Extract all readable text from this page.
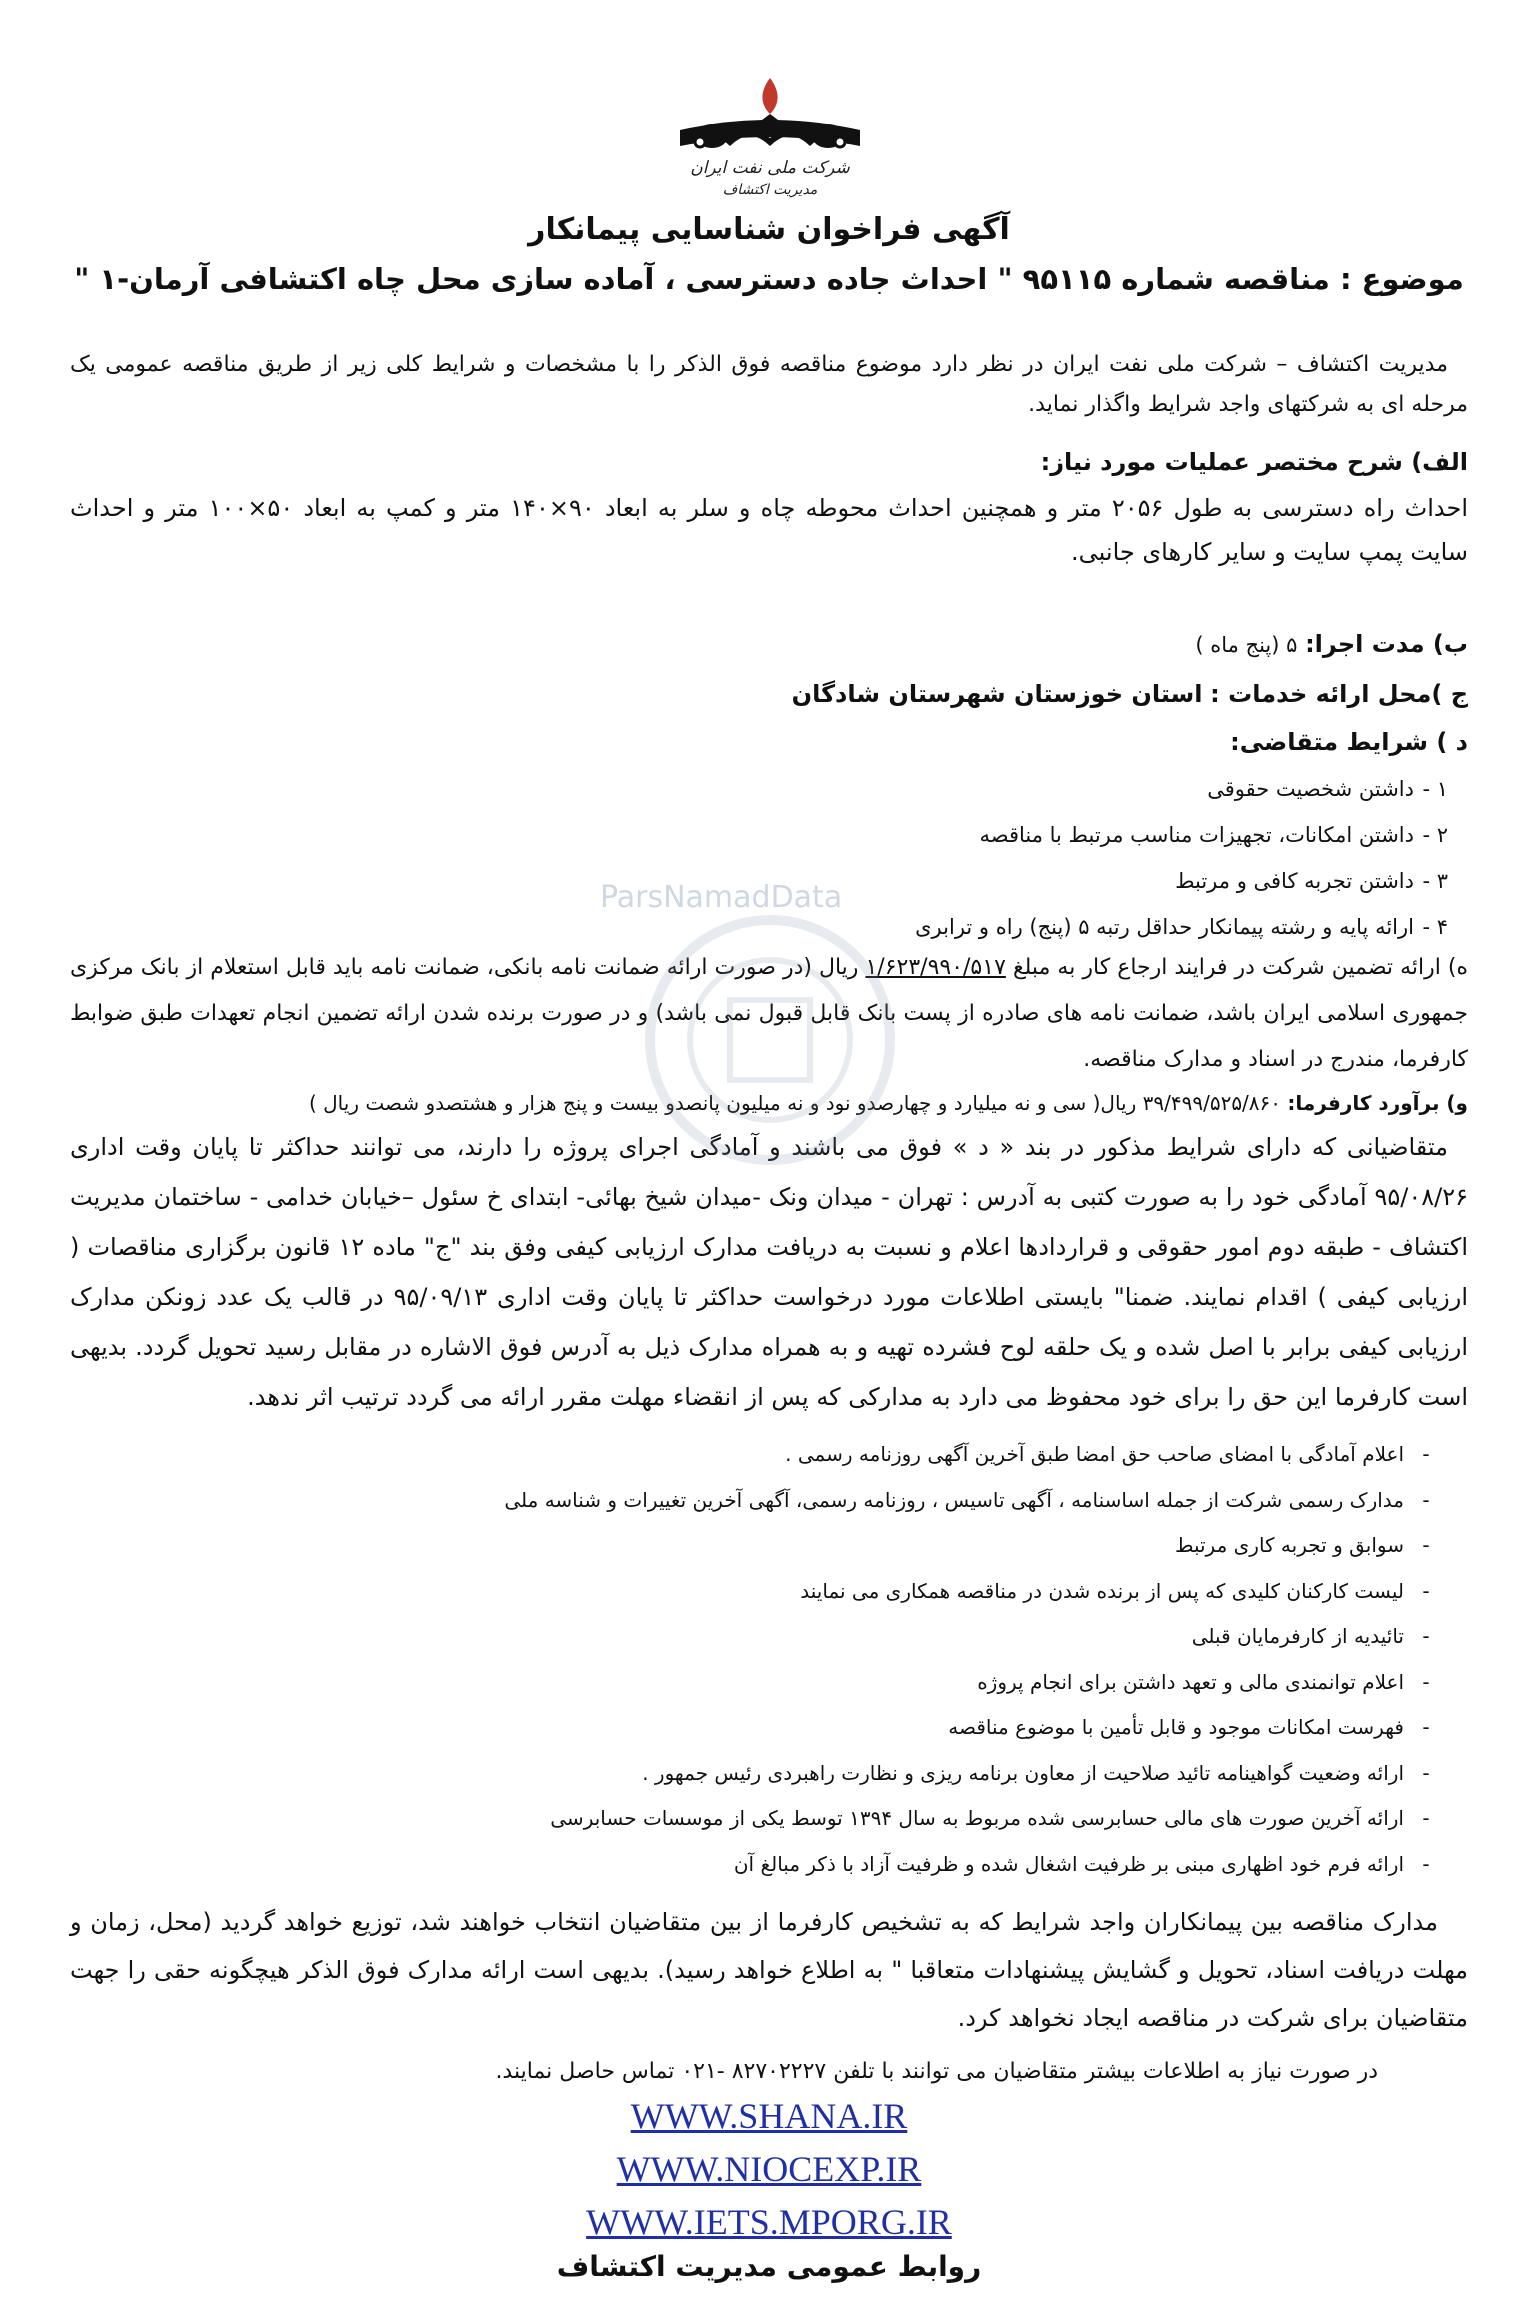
شرکت ملی نفت ایران
مدیریت اکتشاف
آگهی فراخوان شناسایی پیمانکار
موضوع : مناقصه شماره ۹۵۱۱۵ " احداث جاده دسترسی ، آماده سازی محل چاه اکتشافی آرمان-۱ "
مدیریت اکتشاف – شرکت ملی نفت ایران در نظر دارد موضوع مناقصه فوق الذکر را با مشخصات و شرایط کلی زیر از طریق مناقصه عمومی یک مرحله ای به شرکتهای واجد شرایط واگذار نماید.
الف) شرح مختصر عملیات مورد نیاز:
احداث راه دسترسی به طول ۲۰۵۶ متر و همچنین احداث محوطه چاه و سلر به ابعاد ۹۰×۱۴۰ متر و کمپ به ابعاد ۵۰×۱۰۰ متر و احداث سایت پمپ سایت و سایر کارهای جانبی.
ب) مدت اجرا: ۵ (پنج ماه )
ج )محل ارائه خدمات : استان خوزستان شهرستان شادگان
د ) شرایط متقاضی:
۱ -داشتن شخصیت حقوقی
۲ -داشتن امکانات، تجهیزات مناسب مرتبط با مناقصه
۳ -داشتن تجربه کافی و مرتبط
۴ -ارائه پایه و رشته پیمانکار حداقل رتبه ۵ (پنج) راه و ترابری
ه) ارائه تضمین شرکت در فرایند ارجاع کار به مبلغ ۱/۶۲۳/۹۹۰/۵۱۷ ریال (در صورت ارائه ضمانت نامه بانکی، ضمانت نامه باید قابل استعلام از بانک مرکزی جمهوری اسلامی ایران باشد، ضمانت نامه های صادره از پست بانک قابل قبول نمی باشد) و در صورت برنده شدن ارائه تضمین انجام تعهدات طبق ضوابط کارفرما، مندرج در اسناد و مدارک مناقصه.
و) برآورد کارفرما: ۳۹/۴۹۹/۵۲۵/۸۶۰ ریال( سی و نه میلیارد و چهارصدو نود و نه میلیون پانصدو بیست و پنج هزار و هشتصدو شصت ریال )
متقاضیانی که دارای شرایط مذکور در بند « د » فوق می باشند و آمادگی اجرای پروژه را دارند، می توانند حداکثر تا پایان وقت اداری ۹۵/۰۸/۲۶ آمادگی خود را به صورت کتبی به آدرس : تهران - میدان ونک -میدان شیخ بهائی- ابتدای خ سئول –خیابان خدامی - ساختمان مدیریت اکتشاف - طبقه دوم امور حقوقی و قراردادها اعلام و نسبت به دریافت مدارک ارزیابی کیفی وفق بند "ج" ماده ۱۲ قانون برگزاری مناقصات ( ارزیابی کیفی ) اقدام نمایند. ضمنا" بایستی اطلاعات مورد درخواست حداکثر تا پایان وقت اداری ۹۵/۰۹/۱۳ در قالب یک عدد زونکن مدارک ارزیابی کیفی برابر با اصل شده و یک حلقه لوح فشرده تهیه و به همراه مدارک ذیل به آدرس فوق الاشاره در مقابل رسید تحویل گردد. بدیهی است کارفرما این حق را برای خود محفوظ می دارد به مدارکی که پس از انقضاء مهلت مقرر ارائه می گردد ترتیب اثر ندهد.
-اعلام آمادگی با امضای صاحب حق امضا طبق آخرین آگهی روزنامه رسمی .
-مدارک رسمی شرکت از جمله اساسنامه ، آگهی تاسیس ، روزنامه رسمی، آگهی آخرین تغییرات و شناسه ملی
-سوابق و تجربه کاری مرتبط
-لیست کارکنان کلیدی که پس از برنده شدن در مناقصه همکاری می نمایند
-تائیدیه از کارفرمایان قبلی
-اعلام توانمندی مالی و تعهد داشتن برای انجام پروژه
-فهرست امکانات موجود و قابل تأمین با موضوع مناقصه
-ارائه وضعیت گواهینامه تائید صلاحیت از معاون برنامه ریزی و نظارت راهبردی رئیس جمهور .
-ارائه آخرین صورت های مالی حسابرسی شده مربوط به سال ۱۳۹۴ توسط یکی از موسسات حسابرسی
-ارائه فرم خود اظهاری مبنی بر ظرفیت اشغال شده و ظرفیت آزاد با ذکر مبالغ آن
مدارک مناقصه بین پیمانکاران واجد شرایط که به تشخیص کارفرما از بین متقاضیان انتخاب خواهند شد، توزیع خواهد گردید (محل، زمان و مهلت دریافت اسناد، تحویل و گشایش پیشنهادات متعاقبا " به اطلاع خواهد رسید). بدیهی است ارائه مدارک فوق الذکر هیچگونه حقی را جهت متقاضیان برای شرکت در مناقصه ایجاد نخواهد کرد.
در صورت نیاز به اطلاعات بیشتر متقاضیان می توانند با تلفن ۸۲۷۰۲۲۲۷ -۰۲۱ تماس حاصل نمایند.
WWW.SHANA.IR
WWW.NIOCEXP.IR
WWW.IETS.MPORG.IR
روابط عمومی مدیریت اکتشاف
ParsNamadData
